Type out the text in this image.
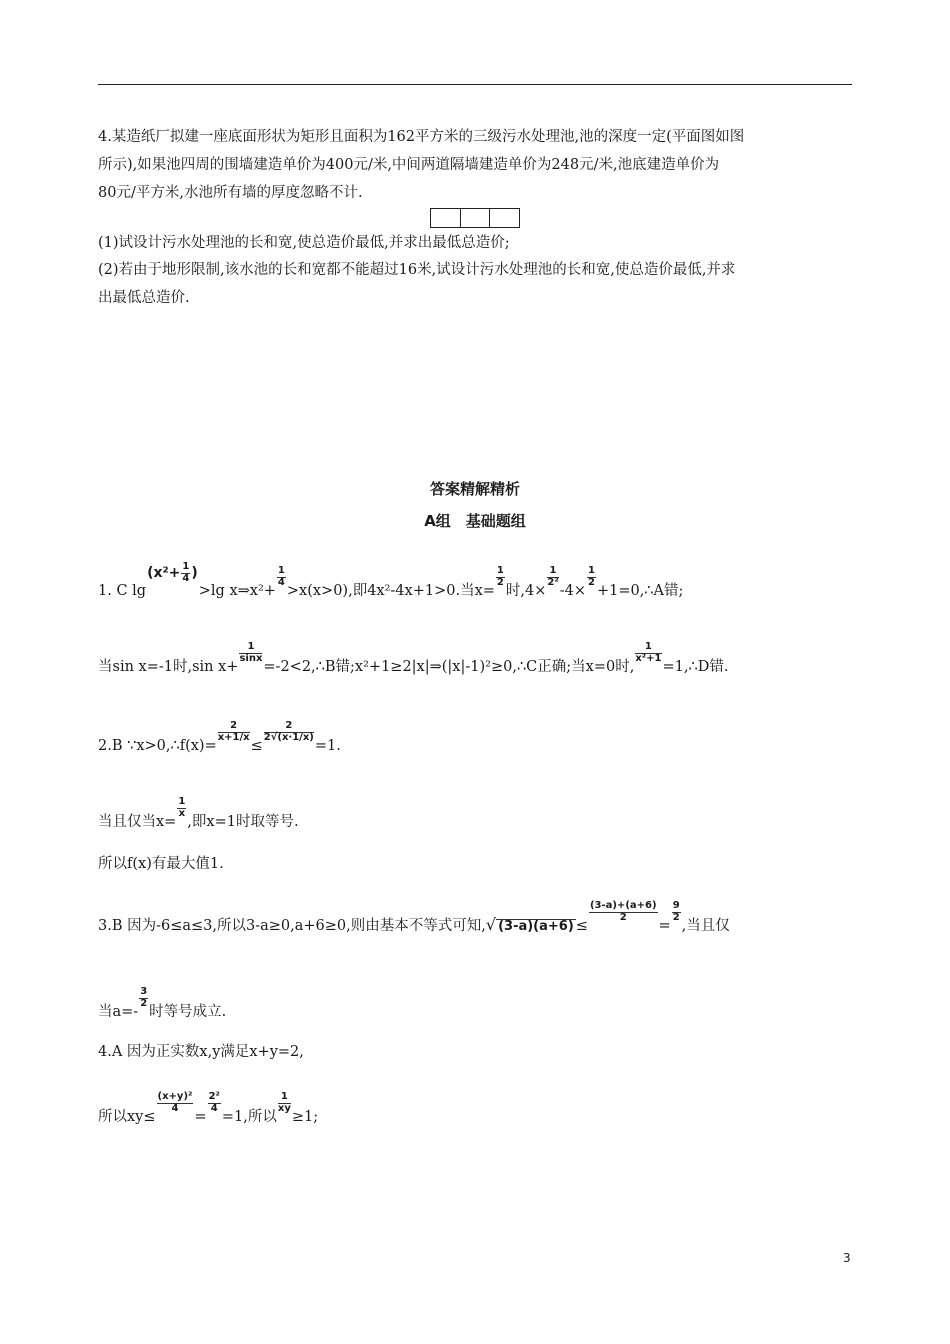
4.某造纸厂拟建一座底面形状为矩形且面积为162平方米的三级污水处理池,池的深度一定(平面图如图
所示),如果池四周的围墙建造单价为400元/米,中间两道隔墙建造单价为248元/米,池底建造单价为
80元/平方米,水池所有墙的厚度忽略不计.
(1)试设计污水处理池的长和宽,使总造价最低,并求出最低总造价;
(2)若由于地形限制,该水池的长和宽都不能超过16米,试设计污水处理池的长和宽,使总造价最低,并求
出最低总造价.
答案精解精析
A组　基础题组
1. C $\lg(x^2+ \frac{1}{4} )>\lg$ x⇒x²+
$\frac{1}{4}$
>x(x>0),即4x²-4x+1>0.当x=
$\frac{1}{2}$
时,4×
$\frac{1}{\text{2²}}$
-4×
$\frac{1}{2}$
+1=0,∴A错;
当sin x=-1时,sin x+
$\frac{1}{\sin x}$
=-2<2,∴B错;x²+1≥2|x|⇒(|x|-1)²≥0,∴C正确;当x=0时,
$\frac{1}{\text{x²+1}}$
=1,∴D错.
2.B ∵x>0,∴f(x)=
$\frac{2}{x+1/x}$
≤
$\frac{2}{2√(x\cdot 1/x)}$
=1.
当且仅当x=
$\frac{1}{x}$
,即x=1时取等号.
所以f(x)有最大值1.
3.B 因为-6≤a≤3,所以3-a≥0,a+6≥0,则由基本不等式可知,√ (3-a)(a+6) ≤
$\frac{(3-a)+(a+6)}{2}$
=
$\frac{9}{2}$
,当且仅
当a=-
$\frac{3}{2}$
时等号成立.
4.A 因为正实数x,y满足x+y=2,
所以xy≤
$\frac{\text{(x+y)²}}{4}$
=
$\frac{\text{2²}}{4}$
=1,所以
$\frac{1}{xy}$
≥1;
3
